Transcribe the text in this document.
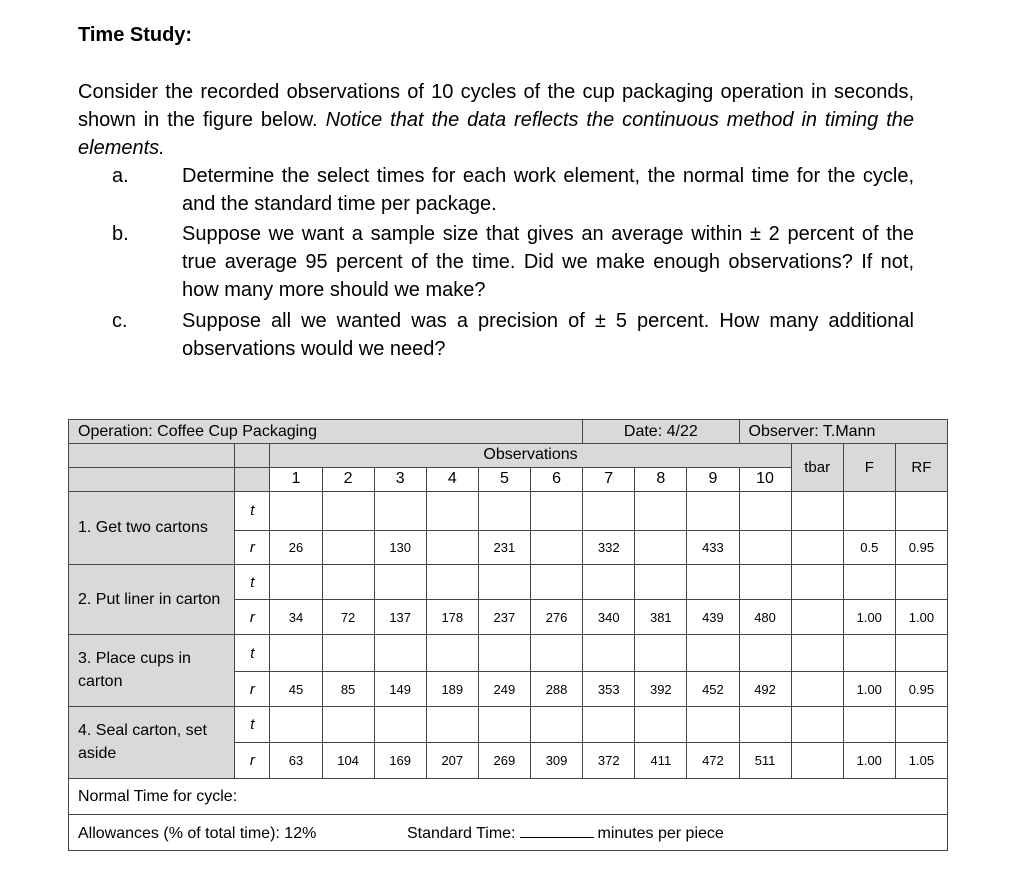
Time Study:
Consider the recorded observations of 10 cycles of the cup packaging operation in seconds, shown in the figure below. Notice that the data reflects the continuous method in timing the elements.
a.	Determine the select times for each work element, the normal time for the cycle, and the standard time per package.
b.	Suppose we want a sample size that gives an average within ± 2 percent of the true average 95 percent of the time. Did we make enough observations? If not, how many more should we make?
c.	Suppose all we wanted was a precision of ± 5 percent. How many additional observations would we need?
Operation: Coffee Cup Packaging								Date: 4/22			Observer: T.Mann			
		Observations										tbar	F	RF
		1	2	3	4	5	6	7	8	9	10			
1. Get two cartons	t													
	r	26		130		231		332		433			0.5	0.95
2. Put liner in carton	t													
	r	34	72	137	178	237	276	340	381	439	480		1.00	1.00
3. Place cups in carton	t													
	r	45	85	149	189	249	288	353	392	452	492		1.00	0.95
4. Seal carton, set aside	t													
	r	63	104	169	207	269	309	372	411	472	511		1.00	1.05
Normal Time for cycle:														
Allowances (% of total time): 12% Standard Time: minutes per piece														
